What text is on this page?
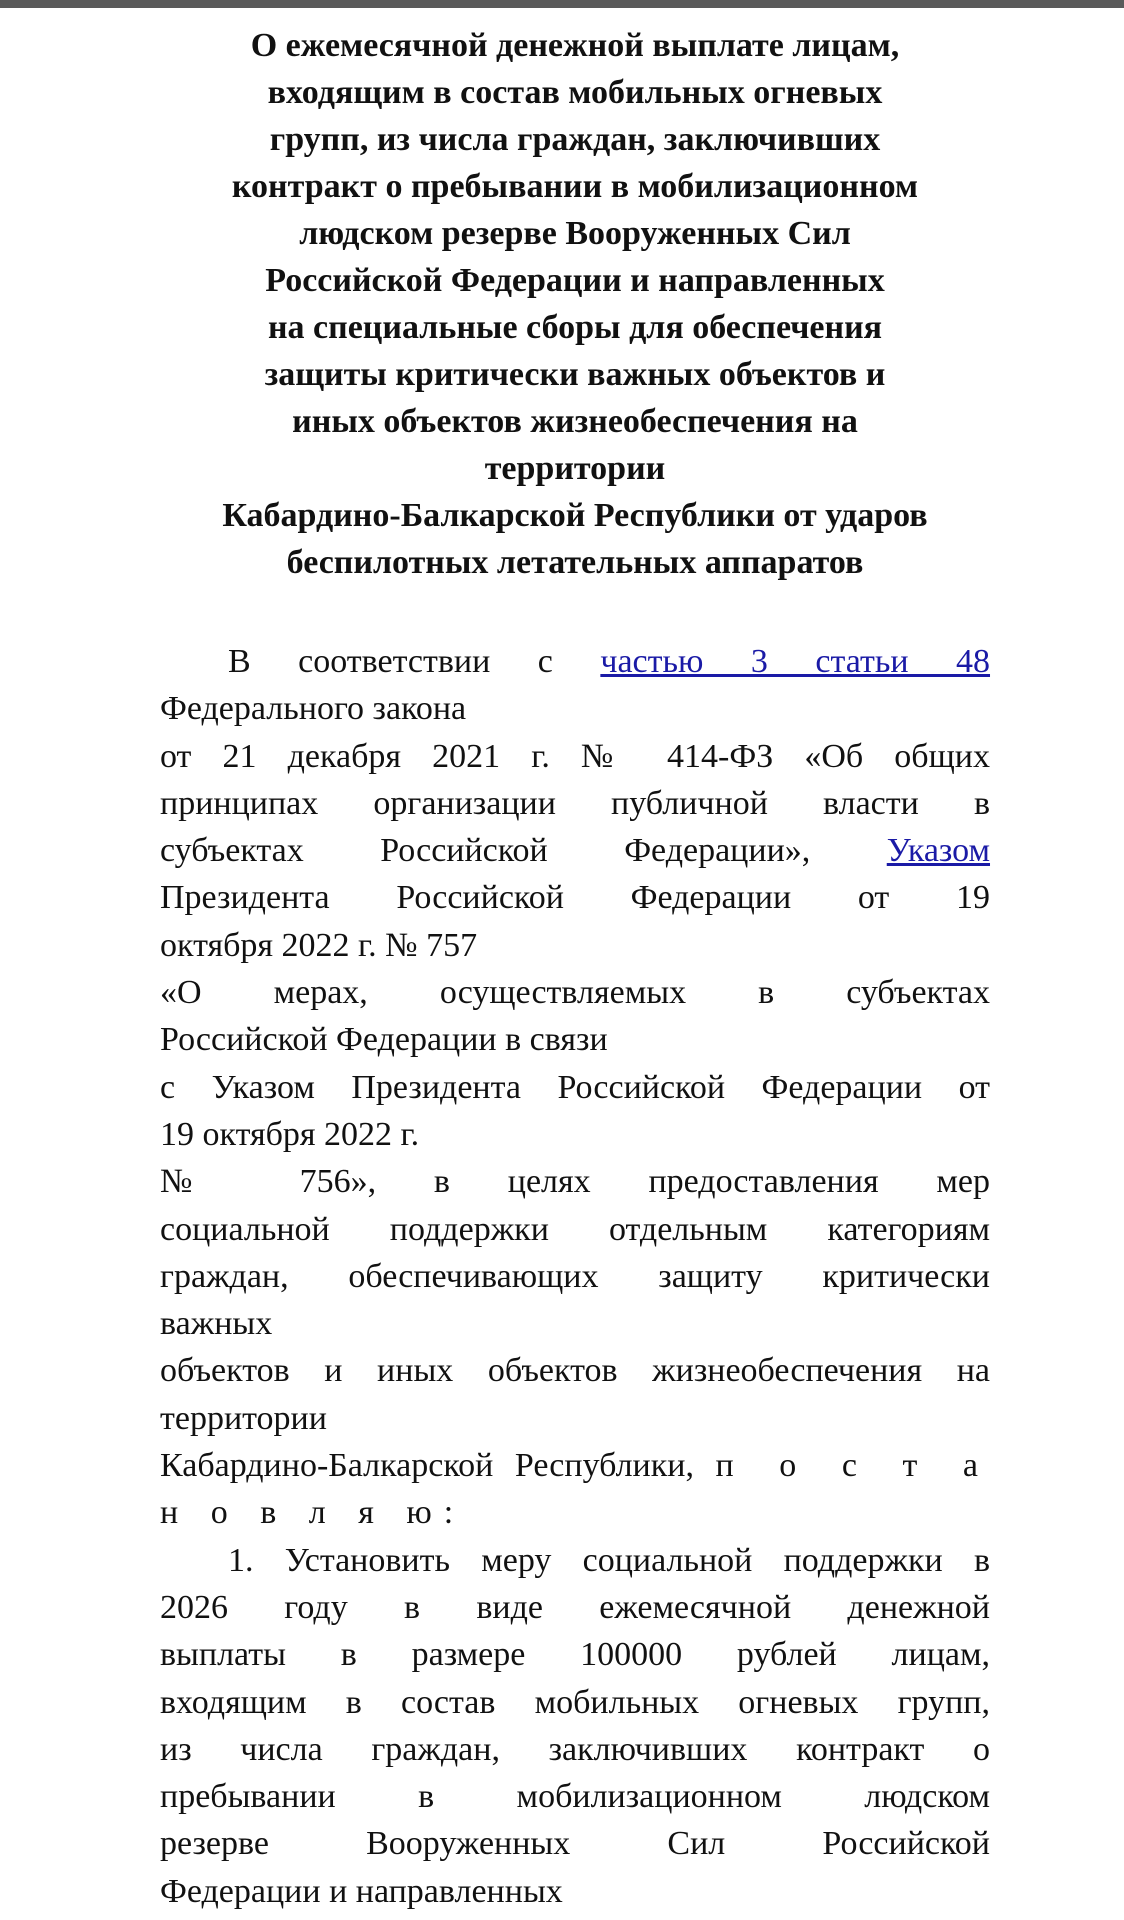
О ежемесячной денежной выплате лицам,
входящим в состав мобильных огневых
групп, из числа граждан, заключивших
контракт о пребывании в мобилизационном
людском резерве Вооруженных Сил
Российской Федерации и направленных
на специальные сборы для обеспечения
защиты критически важных объектов и
иных объектов жизнеобеспечения на
территории
Кабардино-Балкарской Республики от ударов
беспилотных летательных аппаратов
В соответствии с частью 3 статьи 48
Федерального закона
от 21 декабря 2021 г. № 414-ФЗ «Об общих
принципах организации публичной власти в
субъектах Российской Федерации», Указом
Президента Российской Федерации от 19
октября 2022 г. № 757
«О мерах, осуществляемых в субъектах
Российской Федерации в связи
с Указом Президента Российской Федерации от
19 октября 2022 г.
№ 756», в целях предоставления мер
социальной поддержки отдельным категориям
граждан, обеспечивающих защиту критически
важных
объектов и иных объектов жизнеобеспечения на
территории
Кабардино-Балкарской Республики, п о с т а
н о в л я ю:
1. Установить меру социальной поддержки в
2026 году в виде ежемесячной денежной
выплаты в размере 100000 рублей лицам,
входящим в состав мобильных огневых групп,
из числа граждан, заключивших контракт о
пребывании в мобилизационном людском
резерве Вооруженных Сил Российской
Федерации и направленных
